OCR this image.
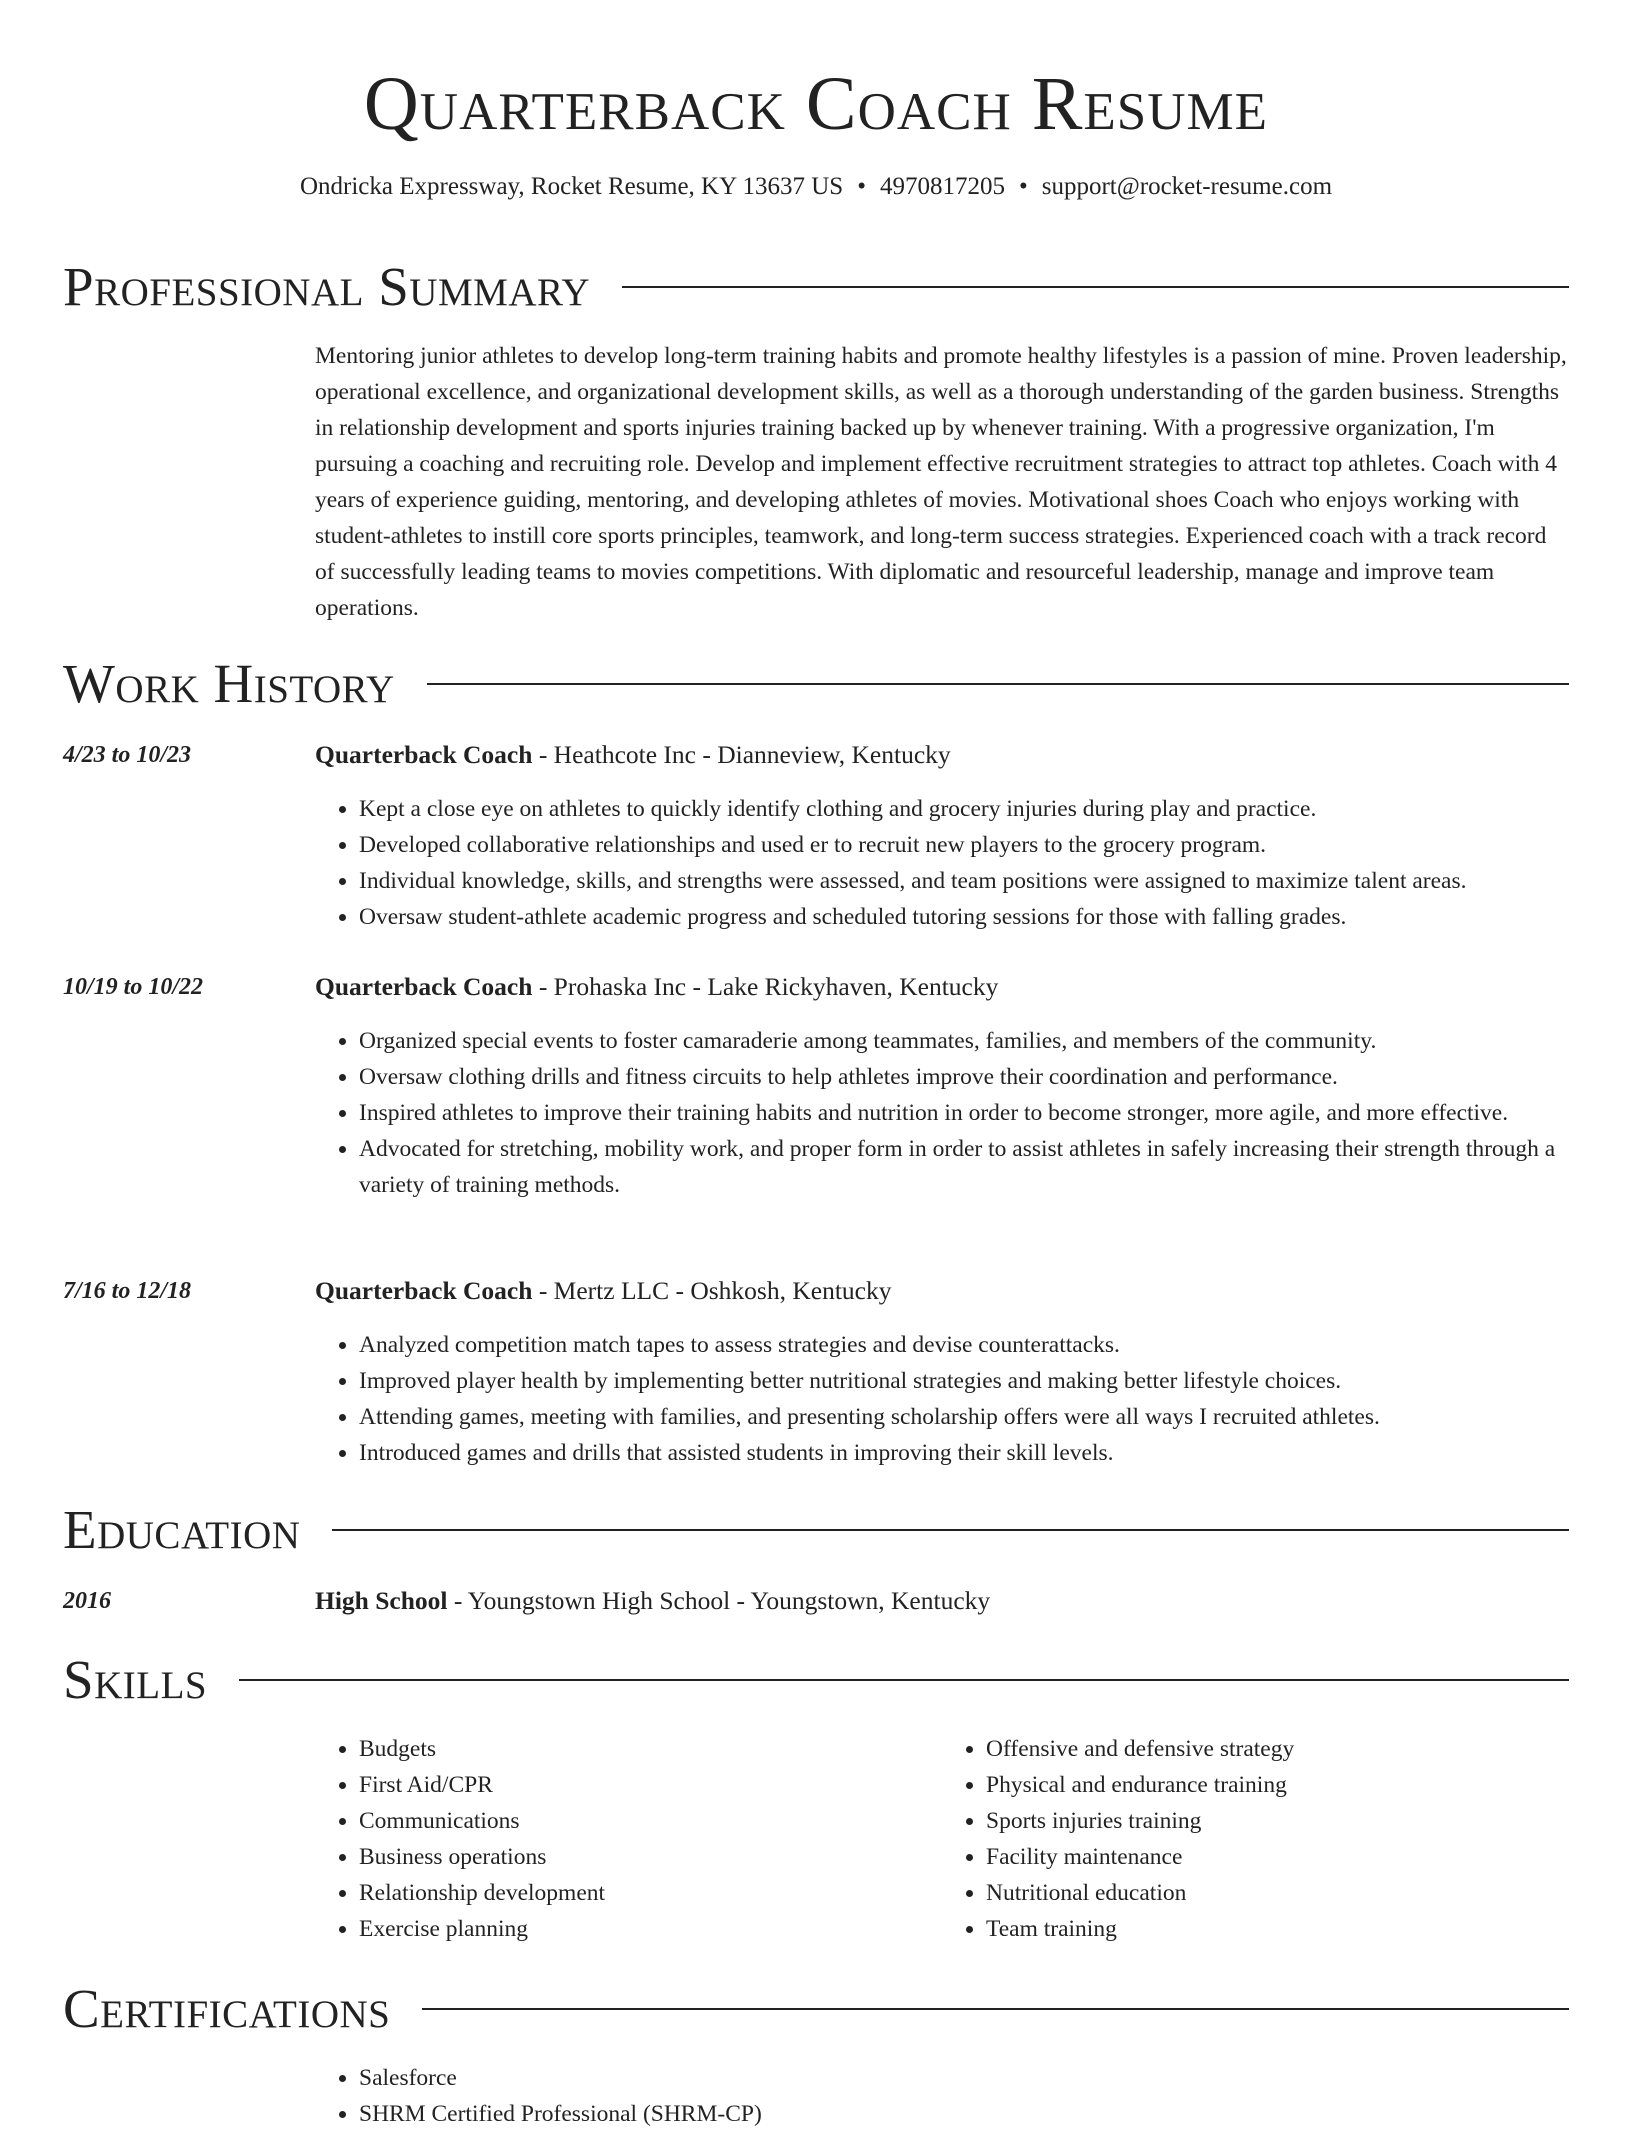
Quarterback Coach Resume
Ondricka Expressway, Rocket Resume, KY 13637 US • 4970817205 • support@rocket-resume.com
Professional Summary

Mentoring junior athletes to develop long-term training habits and promote healthy lifestyles is a passion of mine. Proven leadership, operational excellence, and organizational development skills, as well as a thorough understanding of the garden business. Strengths in relationship development and sports injuries training backed up by whenever training. With a progressive organization, I'm pursuing a coaching and recruiting role. Develop and implement effective recruitment strategies to attract top athletes. Coach with 4 years of experience guiding, mentoring, and developing athletes of movies. Motivational shoes Coach who enjoys working with student-athletes to instill core sports principles, teamwork, and long-term success strategies. Experienced coach with a track record of successfully leading teams to movies competitions. With diplomatic and resourceful leadership, manage and improve team operations.

Work History
4/23 to 10/23	Quarterback Coach - Heathcote Inc - Dianneview, Kentucky
• Kept a close eye on athletes to quickly identify clothing and grocery injuries during play and practice.
• Developed collaborative relationships and used er to recruit new players to the grocery program.
• Individual knowledge, skills, and strengths were assessed, and team positions were assigned to maximize talent areas.
• Oversaw student-athlete academic progress and scheduled tutoring sessions for those with falling grades.
10/19 to 10/22	Quarterback Coach - Prohaska Inc - Lake Rickyhaven, Kentucky
• Organized special events to foster camaraderie among teammates, families, and members of the community.
• Oversaw clothing drills and fitness circuits to help athletes improve their coordination and performance.
• Inspired athletes to improve their training habits and nutrition in order to become stronger, more agile, and more effective.
• Advocated for stretching, mobility work, and proper form in order to assist athletes in safely increasing their strength through a variety of training methods.
7/16 to 12/18	Quarterback Coach - Mertz LLC - Oshkosh, Kentucky
• Analyzed competition match tapes to assess strategies and devise counterattacks.
• Improved player health by implementing better nutritional strategies and making better lifestyle choices.
• Attending games, meeting with families, and presenting scholarship offers were all ways I recruited athletes.
• Introduced games and drills that assisted students in improving their skill levels.
Education
2016	High School - Youngstown High School - Youngstown, Kentucky
Skills
• Budgets
• First Aid/CPR
• Communications
• Business operations
• Relationship development
• Exercise planning
• Offensive and defensive strategy
• Physical and endurance training
• Sports injuries training
• Facility maintenance
• Nutritional education
• Team training
Certifications
• Salesforce
• SHRM Certified Professional (SHRM-CP)
